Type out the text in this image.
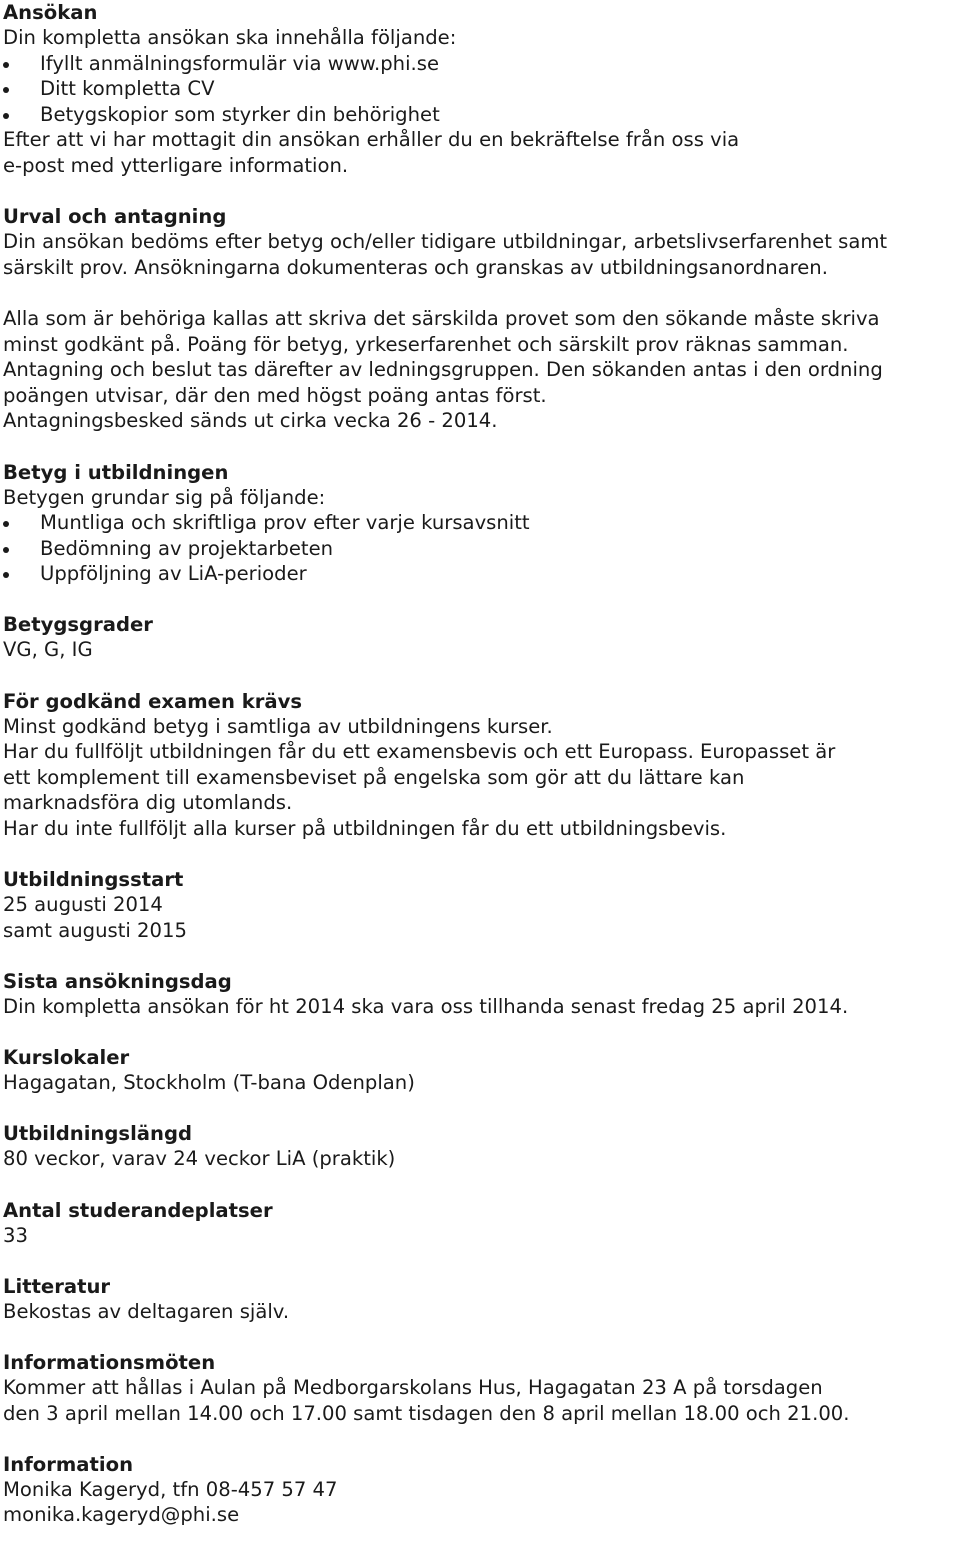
Ansökan
Din kompletta ansökan ska innehålla följande:
Ifyllt anmälningsformulär via www.phi.se
Ditt kompletta CV
Betygskopior som styrker din behörighet
Efter att vi har mottagit din ansökan erhåller du en bekräftelse från oss via
e-post med ytterligare information.
Urval och antagning
Din ansökan bedöms efter betyg och/eller tidigare utbildningar, arbetslivserfarenhet samt
särskilt prov. Ansökningarna dokumenteras och granskas av utbildningsanordnaren.
Alla som är behöriga kallas att skriva det särskilda provet som den sökande måste skriva
minst godkänt på. Poäng för betyg, yrkeserfarenhet och särskilt prov räknas samman.
Antagning och beslut tas därefter av ledningsgruppen. Den sökanden antas i den ordning
poängen utvisar, där den med högst poäng antas först.
Antagningsbesked sänds ut cirka vecka 26 - 2014.
Betyg i utbildningen
Betygen grundar sig på följande:
Muntliga och skriftliga prov efter varje kursavsnitt
Bedömning av projektarbeten
Uppföljning av LiA-perioder
Betygsgrader
VG, G, IG
För godkänd examen krävs
Minst godkänd betyg i samtliga av utbildningens kurser.
Har du fullföljt utbildningen får du ett examensbevis och ett Europass. Europasset är
ett komplement till examensbeviset på engelska som gör att du lättare kan
marknadsföra dig utomlands.
Har du inte fullföljt alla kurser på utbildningen får du ett utbildningsbevis.
Utbildningsstart
25 augusti 2014
samt augusti 2015
Sista ansökningsdag
Din kompletta ansökan för ht 2014 ska vara oss tillhanda senast fredag 25 april 2014.
Kurslokaler
Hagagatan, Stockholm (T-bana Odenplan)
Utbildningslängd
80 veckor, varav 24 veckor LiA (praktik)
Antal studerandeplatser
33
Litteratur
Bekostas av deltagaren själv.
Informationsmöten
Kommer att hållas i Aulan på Medborgarskolans Hus, Hagagatan 23 A på torsdagen
den 3 april mellan 14.00 och 17.00 samt tisdagen den 8 april mellan 18.00 och 21.00.
Information
Monika Kageryd, tfn 08-457 57 47
monika.kageryd@phi.se
